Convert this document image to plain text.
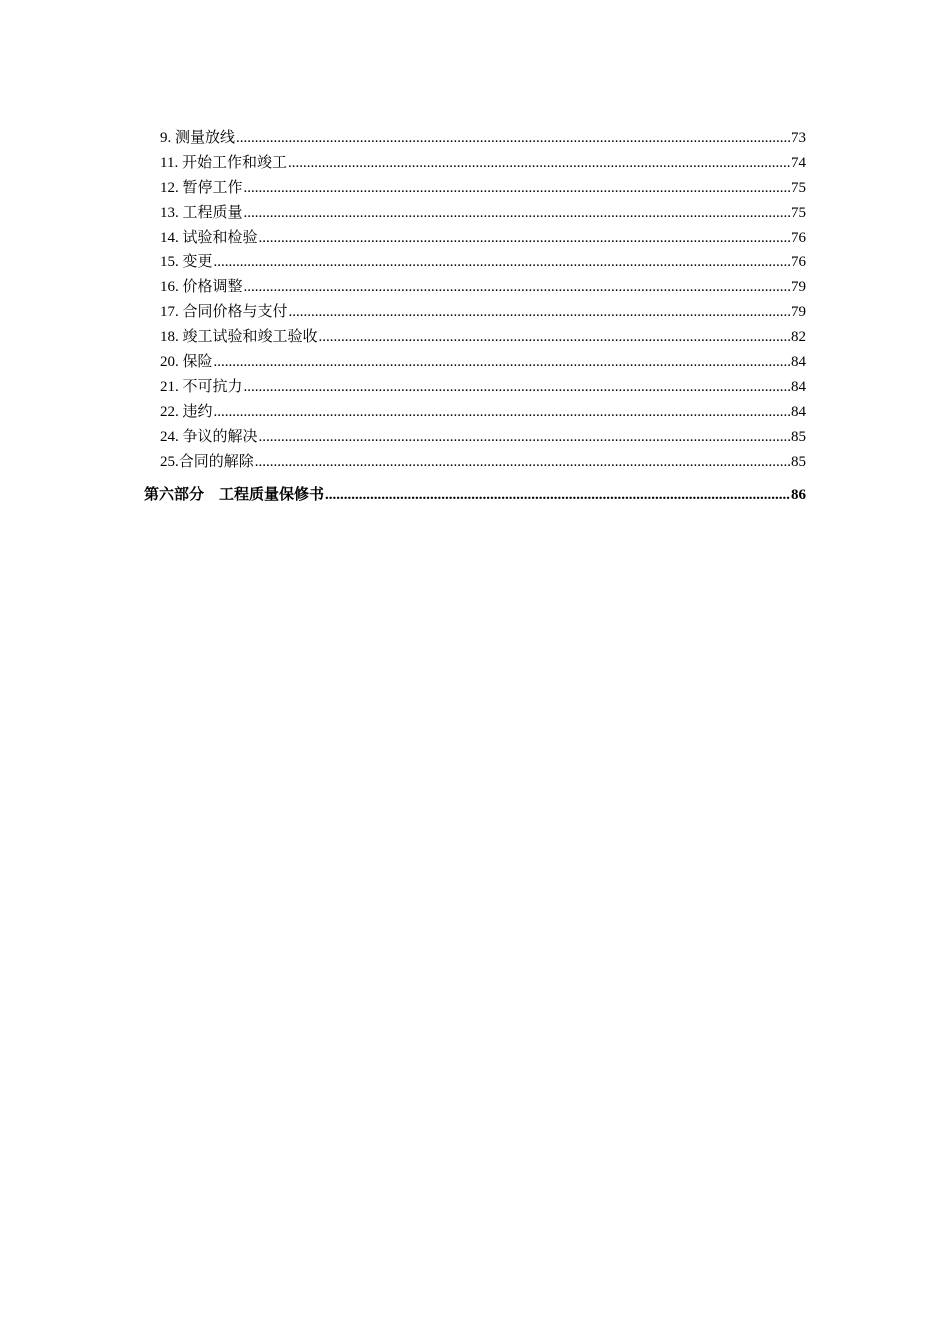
9. 测量放线 .....	73
11. 开始工作和竣工 .....	74
12. 暂停工作 .....	75
13. 工程质量 .....	75
14. 试验和检验 .....	76
15. 变更 .....	76
16. 价格调整 .....	79
17. 合同价格与支付 .....	79
18. 竣工试验和竣工验收 .....	82
20. 保险 .....	84
21. 不可抗力 .....	84
22. 违约 .....	84
24. 争议的解决 .....	85
25.合同的解除 .....	85
第六部分　工程质量保修书 .....	86
